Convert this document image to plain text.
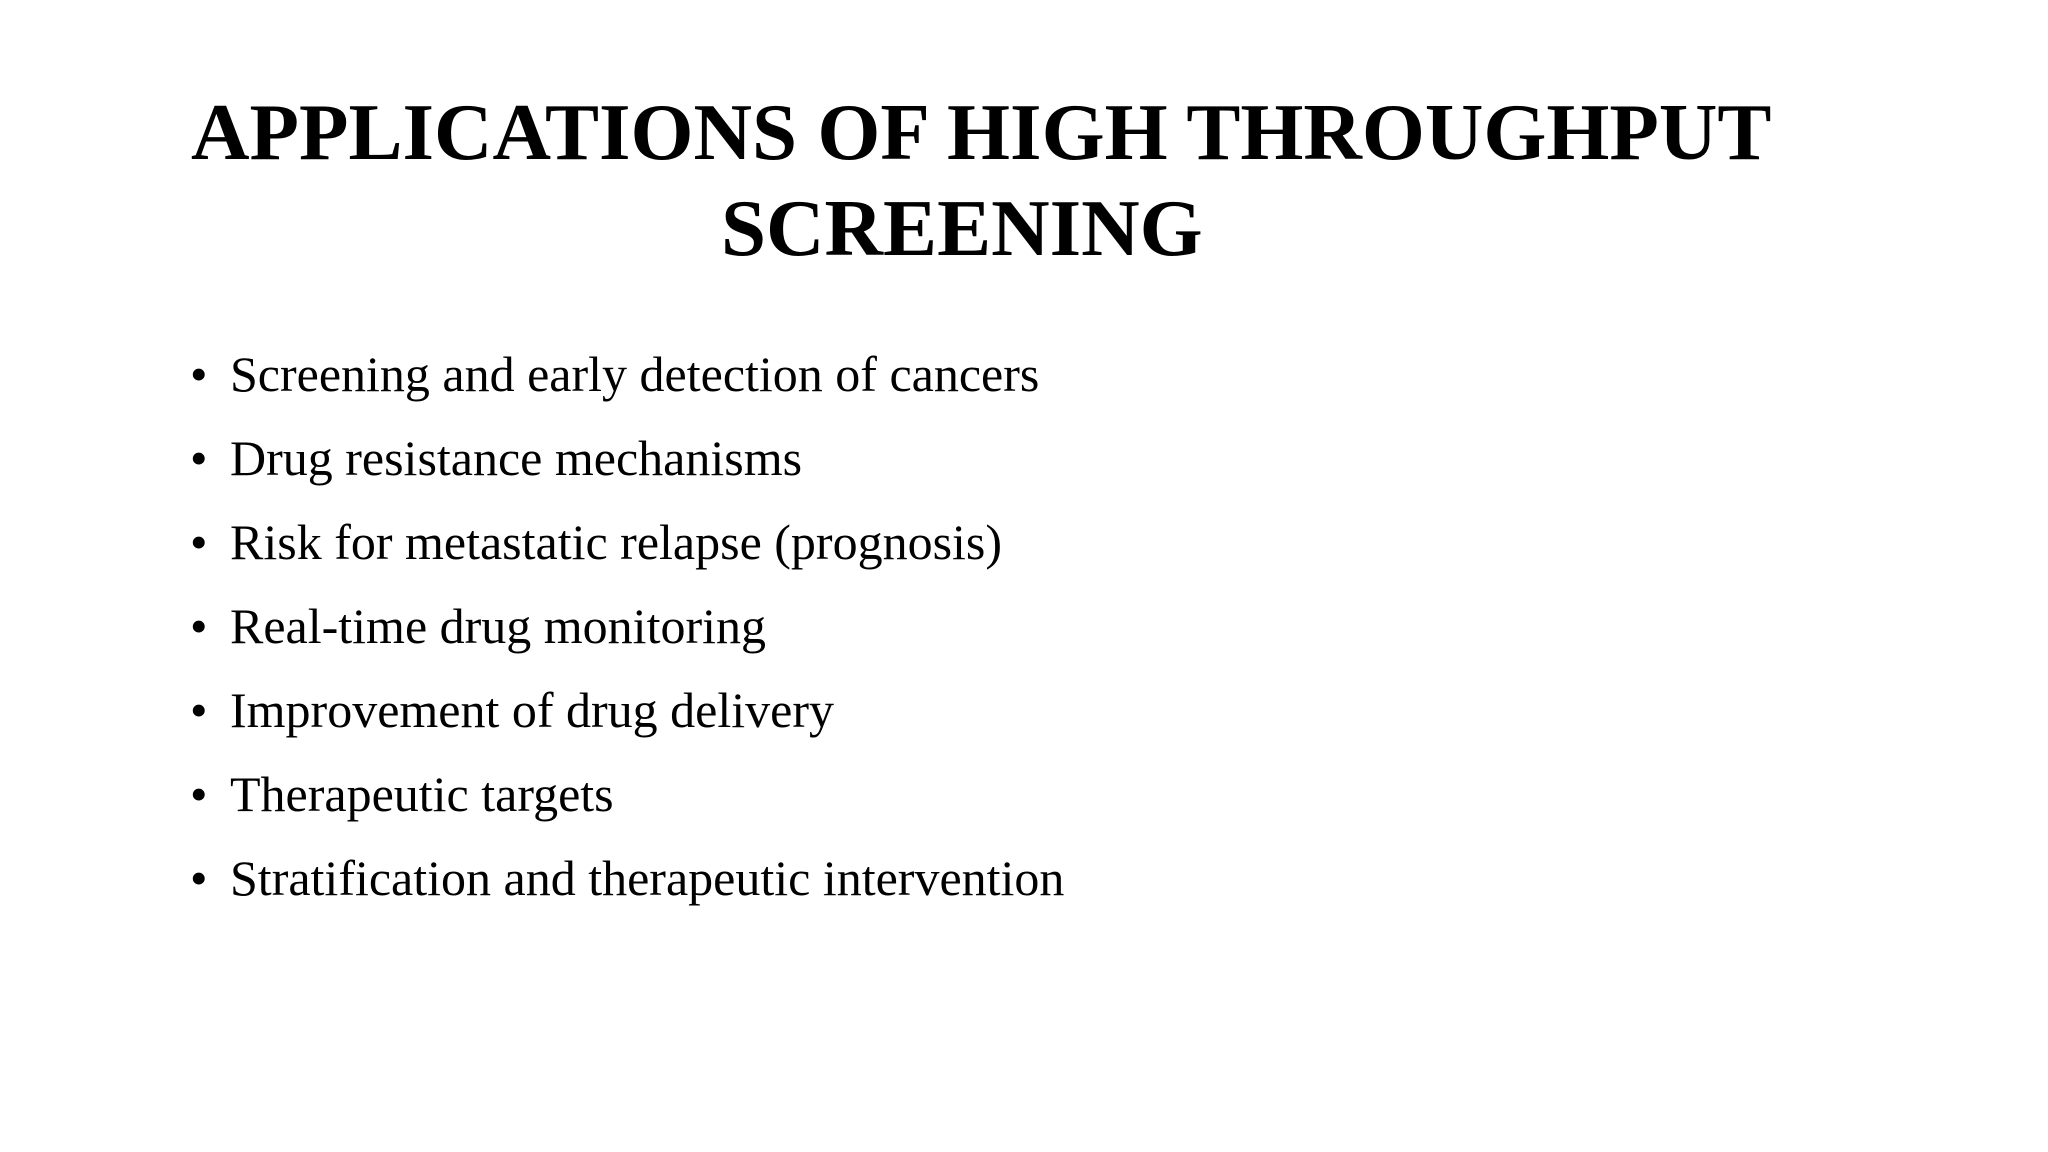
APPLICATIONS OF HIGH THROUGHPUT
SCREENING
• Screening and early detection of cancers
• Drug resistance mechanisms
• Risk for metastatic relapse (prognosis)
• Real-time drug monitoring
• Improvement of drug delivery
• Therapeutic targets
• Stratification and therapeutic intervention
